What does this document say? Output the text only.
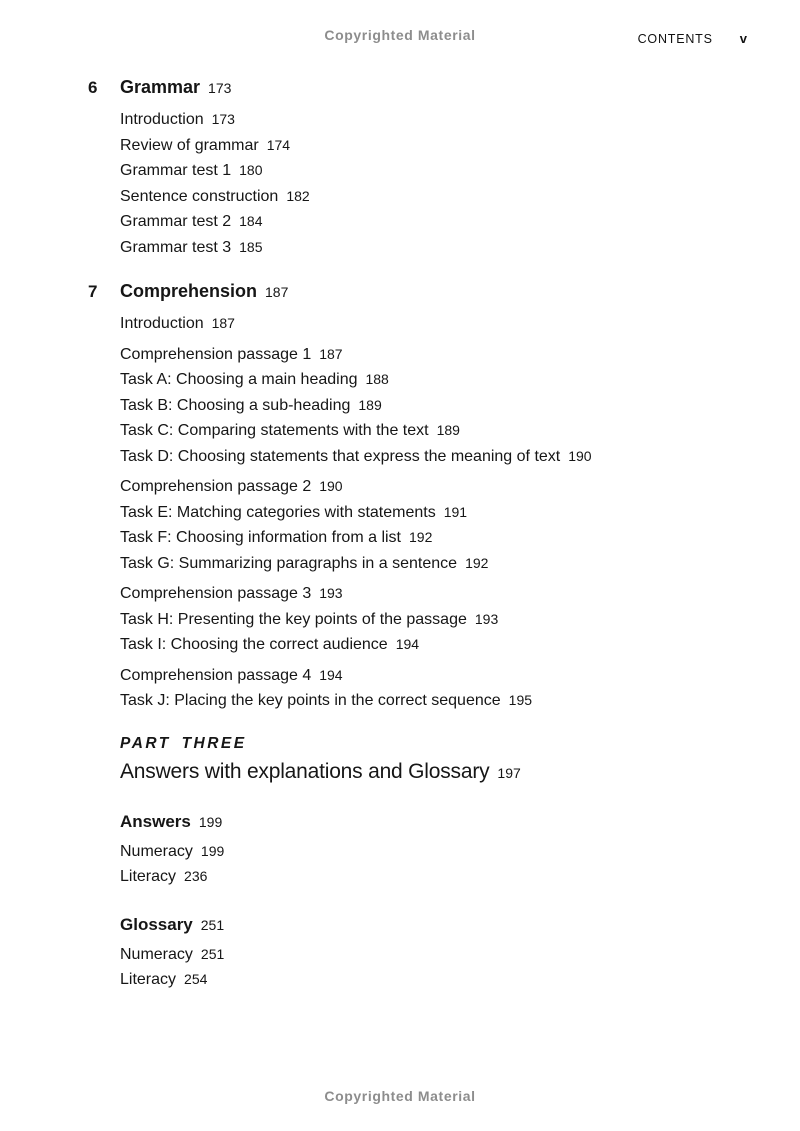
Copyrighted Material	CONTENTS v
6	Grammar 173
Introduction 173
Review of grammar 174
Grammar test 1 180
Sentence construction 182
Grammar test 2 184
Grammar test 3 185
7	Comprehension 187
Introduction 187
Comprehension passage 1 187
Task A: Choosing a main heading 188
Task B: Choosing a sub-heading 189
Task C: Comparing statements with the text 189
Task D: Choosing statements that express the meaning of text 190
Comprehension passage 2 190
Task E: Matching categories with statements 191
Task F: Choosing information from a list 192
Task G: Summarizing paragraphs in a sentence 192
Comprehension passage 3 193
Task H: Presenting the key points of the passage 193
Task I: Choosing the correct audience 194
Comprehension passage 4 194
Task J: Placing the key points in the correct sequence 195
PART THREE
Answers with explanations and Glossary 197
Answers 199
Numeracy 199
Literacy 236
Glossary 251
Numeracy 251
Literacy 254
Copyrighted Material
